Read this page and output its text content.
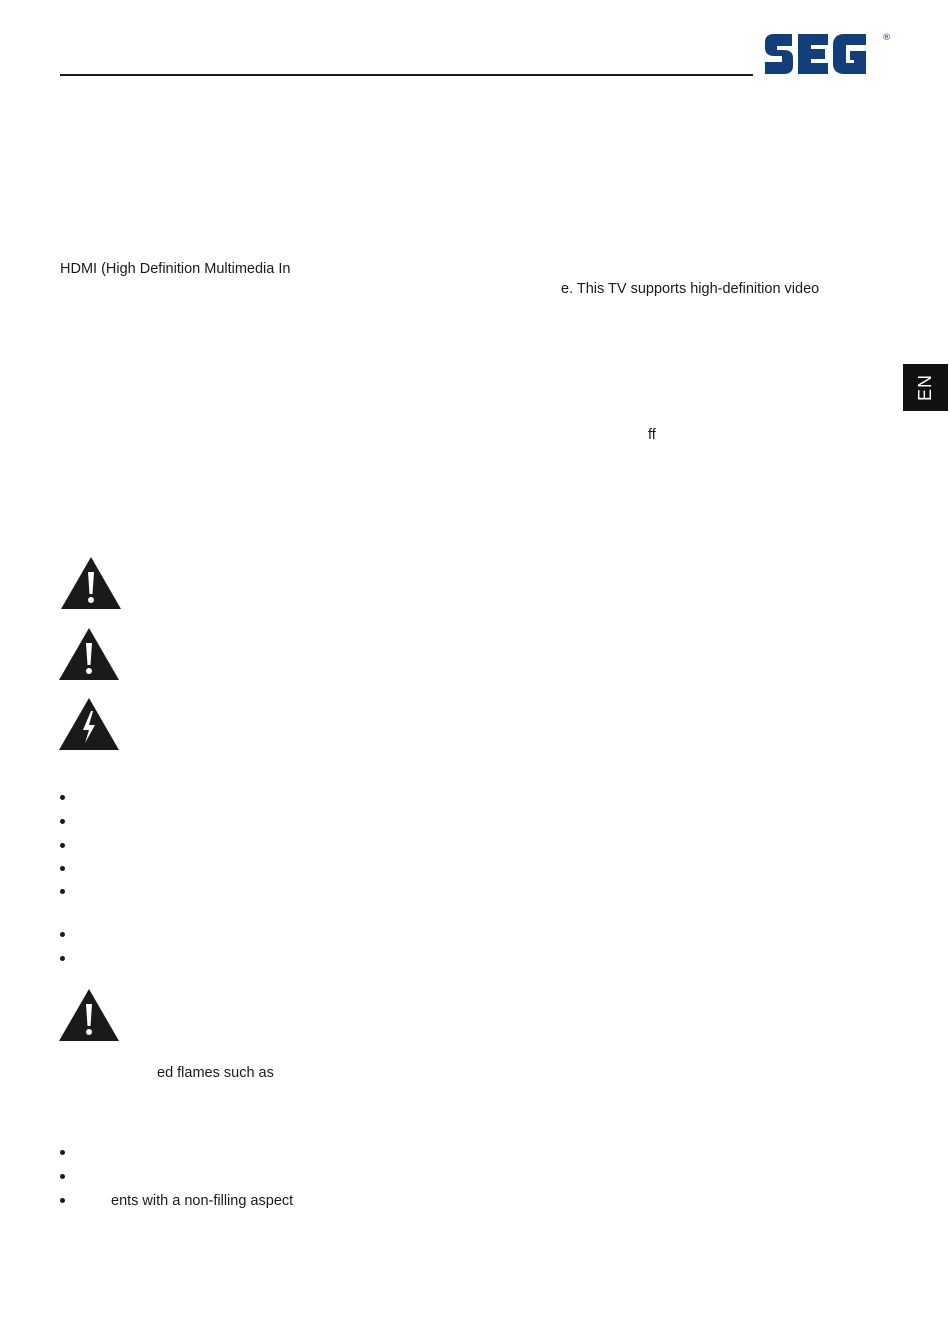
®
EN
HDMI (High Definition Multimedia In
e. This TV supports high-definition video
ff
ed flames such as
ents with a non-filling aspect
